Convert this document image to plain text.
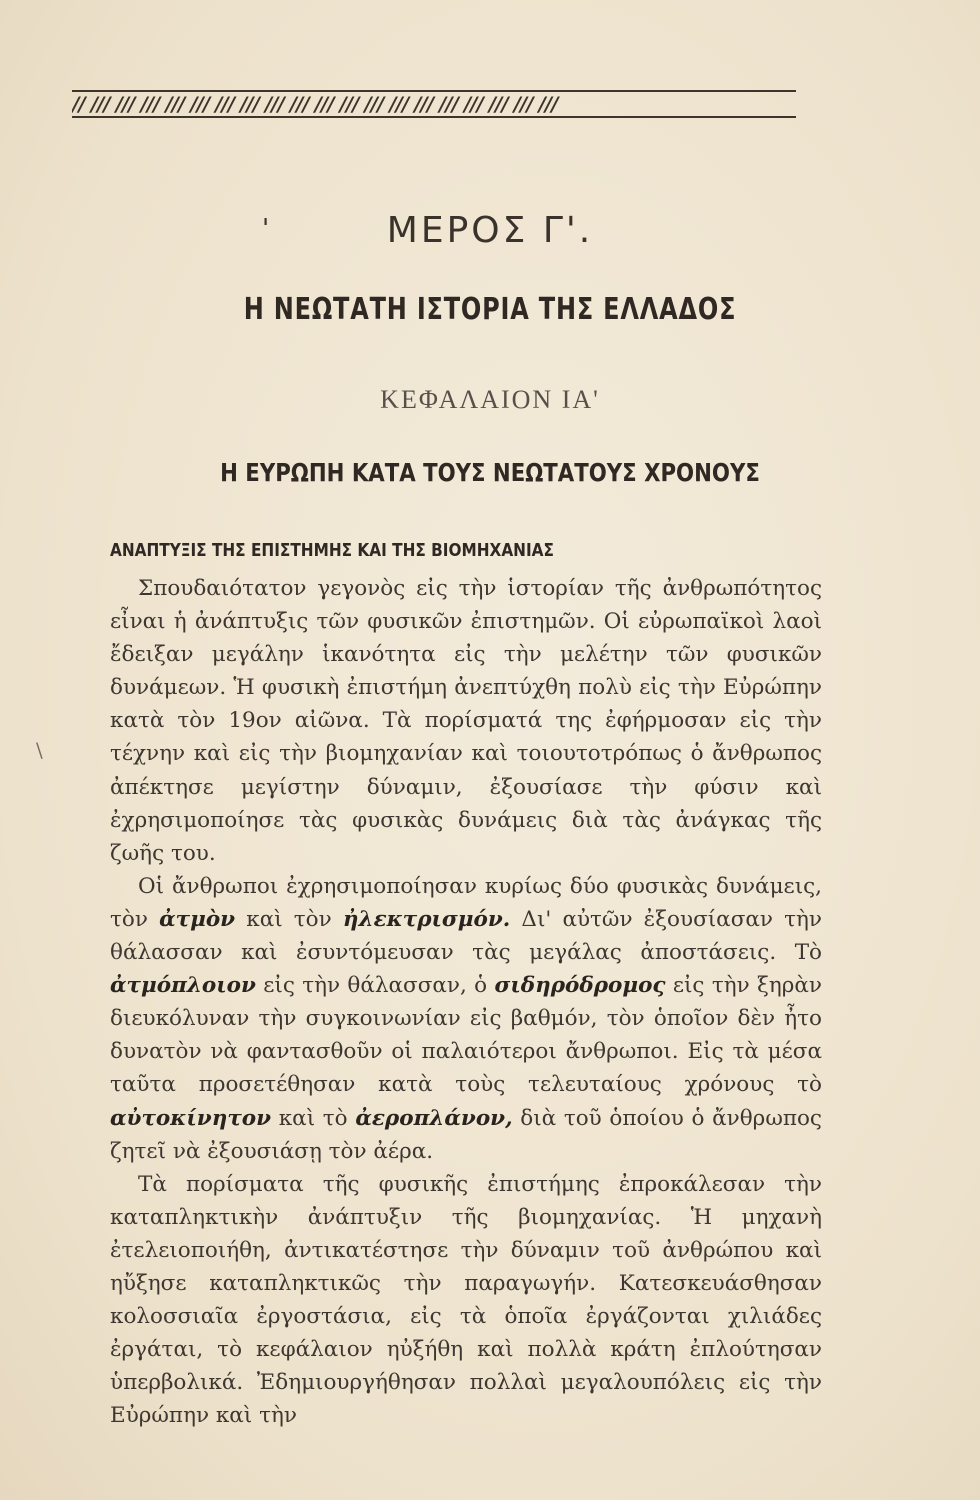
// /// /// /// /// /// /// /// /// /// /// /// /// /// /// /// /// /// /// ///
'	ΜΕΡΟΣ Γ'.
Η ΝΕΩΤΑΤΗ ΙΣΤΟΡΙΑ ΤΗΣ ΕΛΛΑΔΟΣ
ΚΕΦΑΛΑΙΟΝ ΙΑ'
Η ΕΥΡΩΠΗ ΚΑΤΑ ΤΟΥΣ ΝΕΩΤΑΤΟΥΣ ΧΡΟΝΟΥΣ
ΑΝΑΠΤΥΞΙΣ ΤΗΣ ΕΠΙΣΤΗΜΗΣ ΚΑΙ ΤΗΣ ΒΙΟΜΗΧΑΝΙΑΣ
\

Σπουδαιότατον γεγονὸς εἰς τὴν ἱστορίαν τῆς ἀνθρωπότητος εἶναι ἡ ἀνάπτυξις τῶν φυσικῶν ἐπιστημῶν. Οἱ εὐρωπαϊκοὶ λαοὶ ἔδειξαν μεγάλην ἱκανότητα εἰς τὴν μελέτην τῶν φυσικῶν δυνάμεων. Ἡ φυσικὴ ἐπιστήμη ἀνεπτύχθη πολὺ εἰς τὴν Εὐρώπην κατὰ τὸν 19ον αἰῶνα. Τὰ πορίσματά της ἐφήρμοσαν εἰς τὴν τέχνην καὶ εἰς τὴν βιομηχανίαν καὶ τοιουτοτρόπως ὁ ἄνθρωπος ἀπέκτησε μεγίστην δύναμιν, ἐξουσίασε τὴν φύσιν καὶ ἐχρησιμοποίησε τὰς φυσικὰς δυνάμεις διὰ τὰς ἀνάγκας τῆς ζωῆς του.

Οἱ ἄνθρωποι ἐχρησιμοποίησαν κυρίως δύο φυσικὰς δυνάμεις, τὸν ἀτμὸν καὶ τὸν ἠλεκτρισμόν. Δι' αὐτῶν ἐξουσίασαν τὴν θάλασσαν καὶ ἐσυντόμευσαν τὰς μεγάλας ἀποστάσεις. Τὸ ἀτμόπλοιον εἰς τὴν θάλασσαν, ὁ σιδηρόδρομος εἰς τὴν ξηρὰν διευκόλυναν τὴν συγκοινωνίαν εἰς βαθμόν, τὸν ὁποῖον δὲν ἦτο δυνατὸν νὰ φαντασθοῦν οἱ παλαιότεροι ἄνθρωποι. Εἰς τὰ μέσα ταῦτα προσετέθησαν κατὰ τοὺς τελευταίους χρόνους τὸ αὐτοκίνητον καὶ τὸ ἀεροπλάνον, διὰ τοῦ ὁποίου ὁ ἄνθρωπος ζητεῖ νὰ ἐξουσιάσῃ τὸν ἀέρα.

Τὰ πορίσματα τῆς φυσικῆς ἐπιστήμης ἐπροκάλεσαν τὴν καταπληκτικὴν ἀνάπτυξιν τῆς βιομηχανίας. Ἡ μηχανὴ ἐτελειοποιήθη, ἀντικατέστησε τὴν δύναμιν τοῦ ἀνθρώπου καὶ ηὔξησε καταπληκτικῶς τὴν παραγωγήν. Κατεσκευάσθησαν κολοσσιαῖα ἐργοστάσια, εἰς τὰ ὁποῖα ἐργάζονται χιλιάδες ἐργάται, τὸ κεφάλαιον ηὐξήθη καὶ πολλὰ κράτη ἐπλούτησαν ὑπερβολικά. Ἐδημιουργήθησαν πολλαὶ μεγαλουπόλεις εἰς τὴν Εὐρώπην καὶ τὴν
